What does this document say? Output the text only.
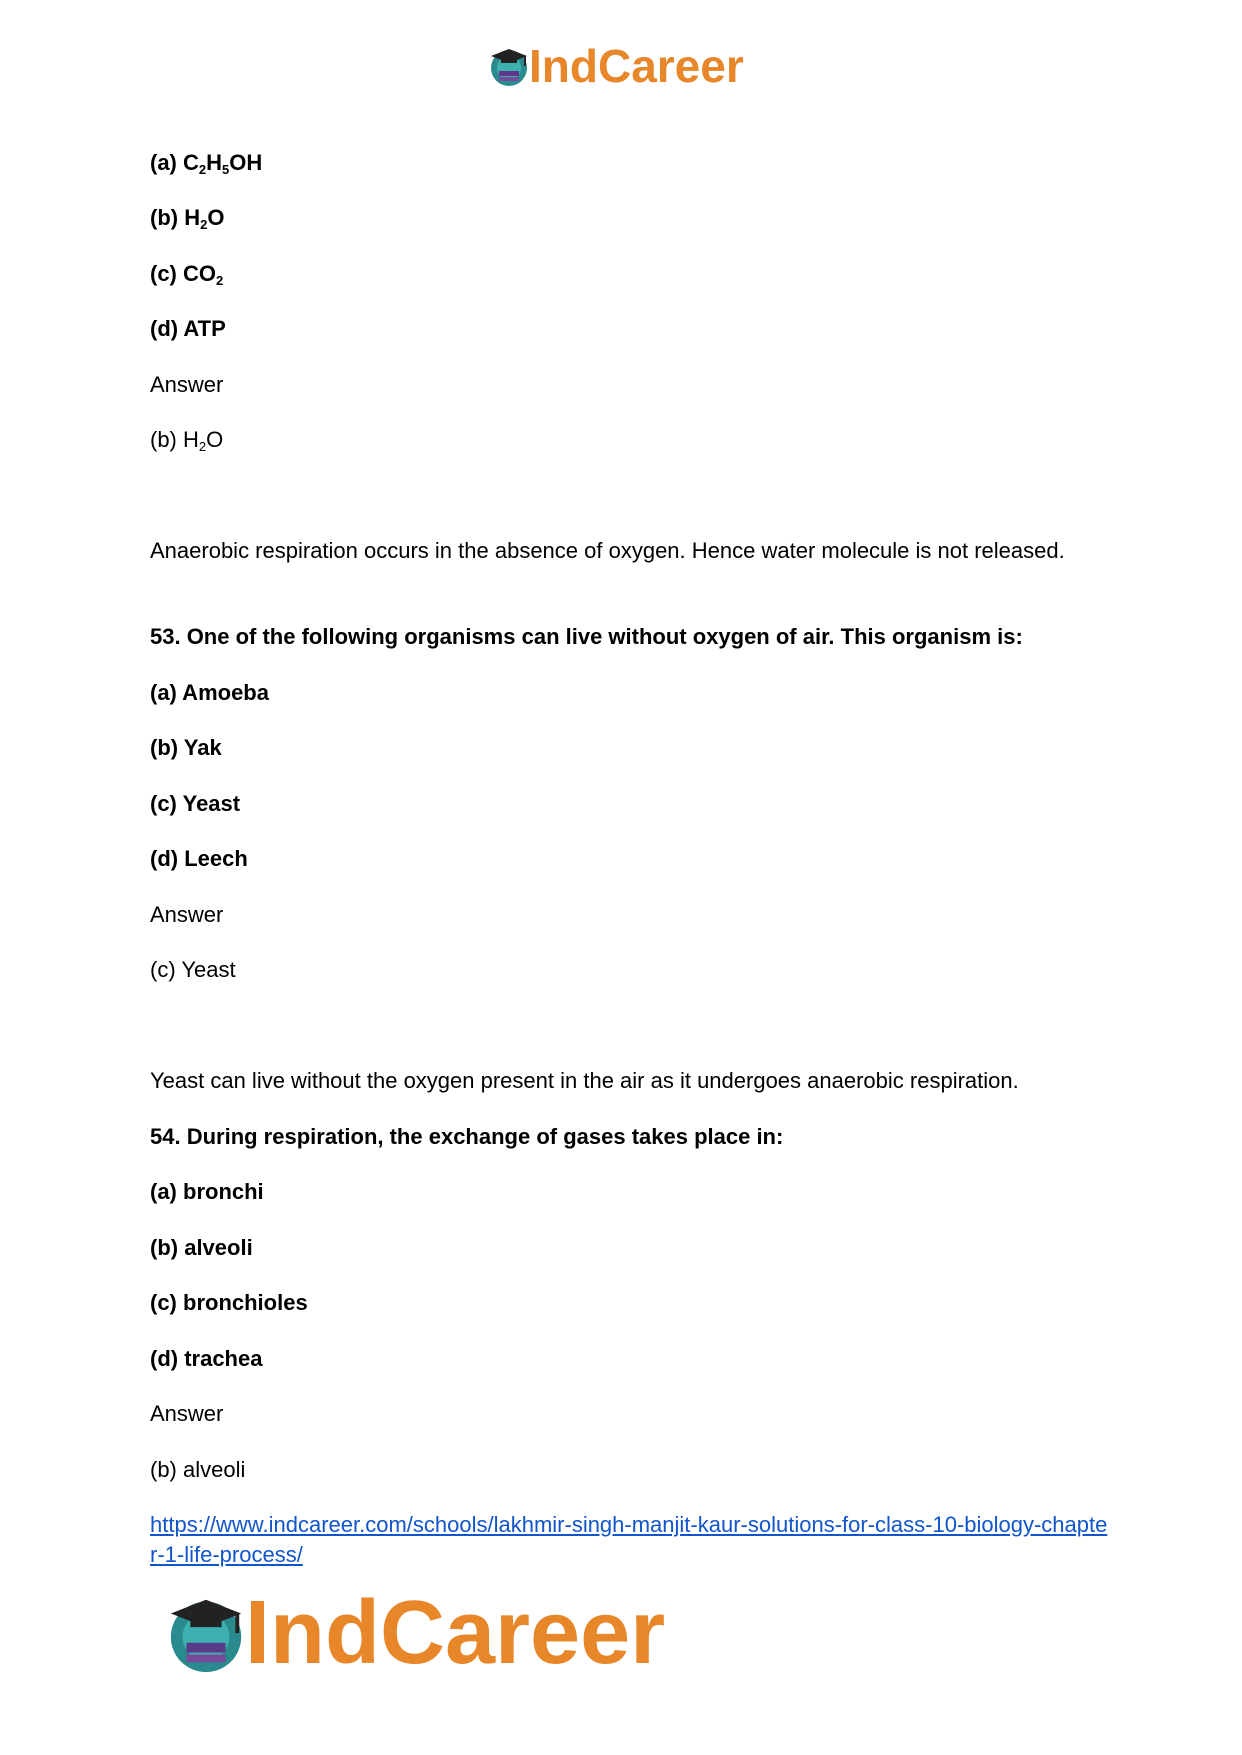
IndCareer

(a) $C_2H_5OH$

(b) $H_2O$

(c) $CO_2$

(d) ATP

Answer

(b) $H_2O$

Anaerobic respiration occurs in the absence of oxygen. Hence water molecule is not released.

53. One of the following organisms can live without oxygen of air. This organism is:

(a) Amoeba

(b) Yak

(c) Yeast

(d) Leech

Answer

(c) Yeast

Yeast can live without the oxygen present in the air as it undergoes anaerobic respiration.

54. During respiration, the exchange of gases takes place in:

(a) bronchi

(b) alveoli

(c) bronchioles

(d) trachea

Answer

(b) alveoli

https://www.indcareer.com/schools/lakhmir-singh-manjit-kaur-solutions-for-class-10-biology-chapter-1-life-process/
IndCareer
